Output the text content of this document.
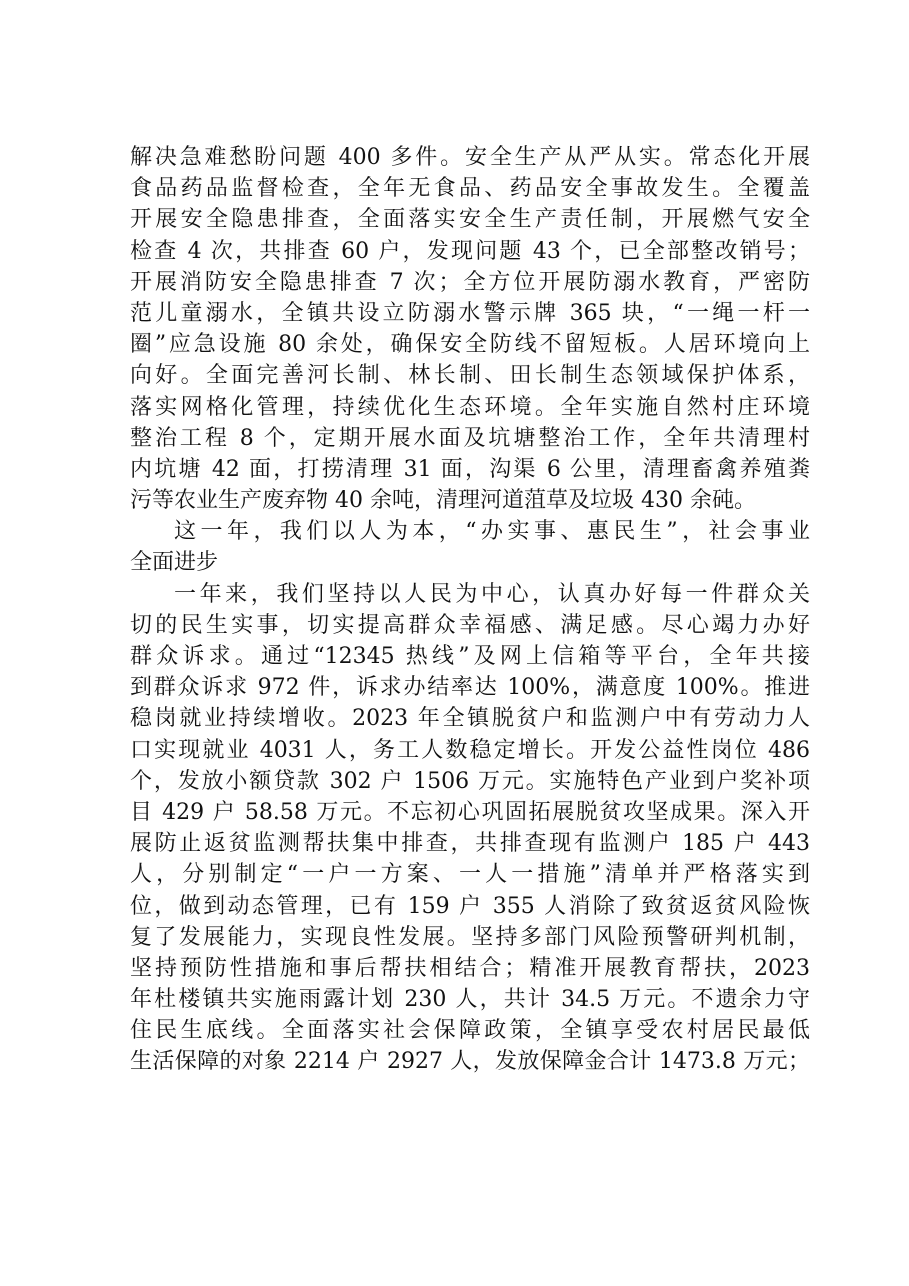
解决急难愁盼问题 400 多件。安全生产从严从实。常态化开展
食品药品监督检查，全年无食品、药品安全事故发生。全覆盖
开展安全隐患排查，全面落实安全生产责任制，开展燃气安全
检查 4 次，共排查 60 户，发现问题 43 个，已全部整改销号；
开展消防安全隐患排查 7 次；全方位开展防溺水教育，严密防
范儿童溺水，全镇共设立防溺水警示牌 365 块，“一绳一杆一
圈”应急设施 80 余处，确保安全防线不留短板。人居环境向上
向好。全面完善河长制、林长制、田长制生态领域保护体系，
落实网格化管理，持续优化生态环境。全年实施自然村庄环境
整治工程 8 个，定期开展水面及坑塘整治工作，全年共清理村
内坑塘 42 面，打捞清理 31 面，沟渠 6 公里，清理畜禽养殖粪
污等农业生产废弃物 40 余吨，清理河道菹草及垃圾 430 余砘。
这一年，我们以人为本，“办实事、惠民生”，社会事业
全面进步
一年来，我们坚持以人民为中心，认真办好每一件群众关
切的民生实事，切实提高群众幸福感、满足感。尽心竭力办好
群众诉求。通过“12345 热线”及网上信箱等平台，全年共接
到群众诉求 972 件，诉求办结率达 100%，满意度 100%。推进
稳岗就业持续增收。2023 年全镇脱贫户和监测户中有劳动力人
口实现就业 4031 人，务工人数稳定增长。开发公益性岗位 486
个，发放小额贷款 302 户 1506 万元。实施特色产业到户奖补项
目 429 户 58.58 万元。不忘初心巩固拓展脱贫攻坚成果。深入开
展防止返贫监测帮扶集中排查，共排查现有监测户 185 户 443
人，分别制定“一户一方案、一人一措施”清单并严格落实到
位，做到动态管理，已有 159 户 355 人消除了致贫返贫风险恢
复了发展能力，实现良性发展。坚持多部门风险预警研判机制，
坚持预防性措施和事后帮扶相结合；精准开展教育帮扶，2023
年杜楼镇共实施雨露计划 230 人，共计 34.5 万元。不遗余力守
住民生底线。全面落实社会保障政策，全镇享受农村居民最低
生活保障的对象 2214 户 2927 人，发放保障金合计 1473.8 万元；
